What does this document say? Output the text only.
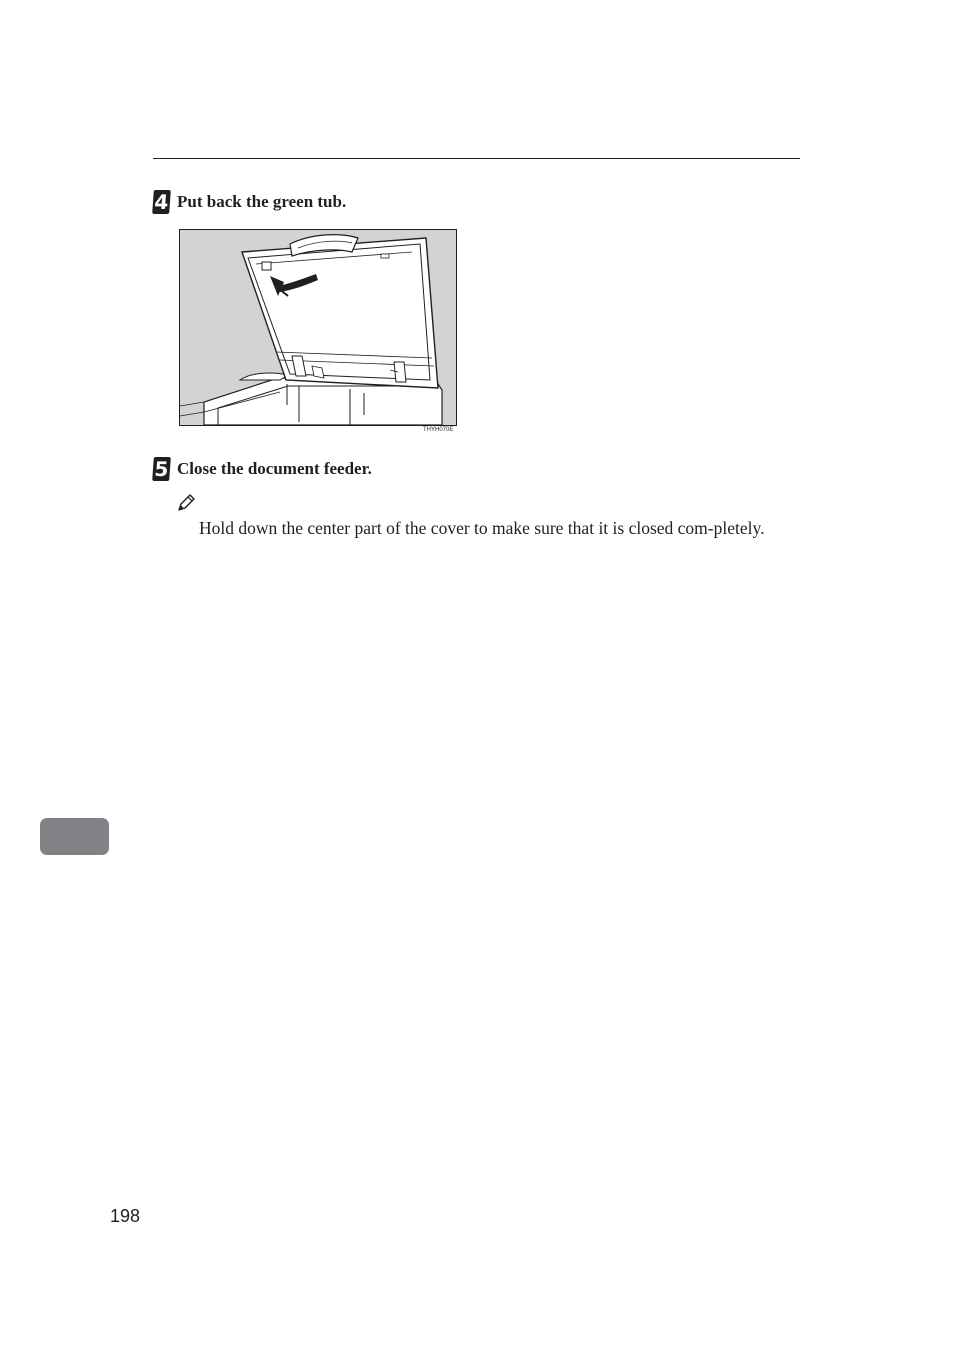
4 Put back the green tub.
THYH070E
5 Close the document feeder.
Hold down the center part of the cover to make sure that it is closed com-pletely.
198
